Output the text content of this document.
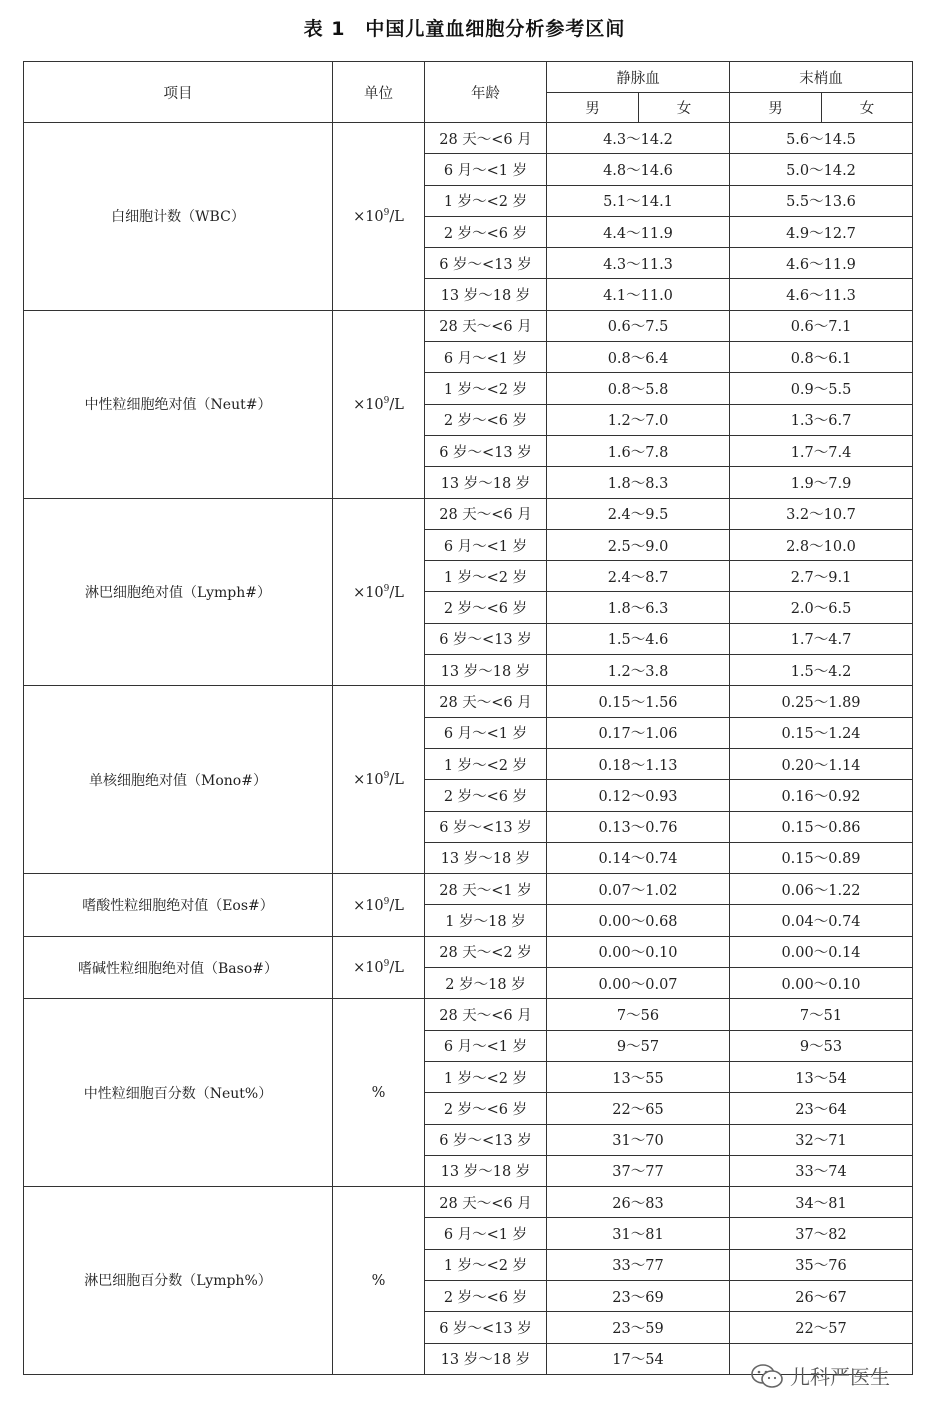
表 1　中国儿童血细胞分析参考区间
项目	单位	年龄	静脉血		末梢血	
			男	女	男	女
白细胞计数（WBC）	$\times 10^9/L$	28 天～<6 月	4.3～14.2		5.6～14.5	
		6 月～<1 岁	4.8～14.6		5.0～14.2	
		1 岁～<2 岁	5.1～14.1		5.5～13.6	
		2 岁～<6 岁	4.4～11.9		4.9～12.7	
		6 岁～<13 岁	4.3～11.3		4.6～11.9	
		13 岁～18 岁	4.1～11.0		4.6～11.3	
中性粒细胞绝对值（Neut#）	$\times 10^9/L$	28 天～<6 月	0.6～7.5		0.6～7.1	
		6 月～<1 岁	0.8～6.4		0.8～6.1	
		1 岁～<2 岁	0.8～5.8		0.9～5.5	
		2 岁～<6 岁	1.2～7.0		1.3～6.7	
		6 岁～<13 岁	1.6～7.8		1.7～7.4	
		13 岁～18 岁	1.8～8.3		1.9～7.9	
淋巴细胞绝对值（Lymph#）	$\times 10^9/L$	28 天～<6 月	2.4～9.5		3.2～10.7	
		6 月～<1 岁	2.5～9.0		2.8～10.0	
		1 岁～<2 岁	2.4～8.7		2.7～9.1	
		2 岁～<6 岁	1.8～6.3		2.0～6.5	
		6 岁～<13 岁	1.5～4.6		1.7～4.7	
		13 岁～18 岁	1.2～3.8		1.5～4.2	
单核细胞绝对值（Mono#）	$\times 10^9/L$	28 天～<6 月	0.15～1.56		0.25～1.89	
		6 月～<1 岁	0.17～1.06		0.15～1.24	
		1 岁～<2 岁	0.18～1.13		0.20～1.14	
		2 岁～<6 岁	0.12～0.93		0.16～0.92	
		6 岁～<13 岁	0.13～0.76		0.15～0.86	
		13 岁～18 岁	0.14～0.74		0.15～0.89	
嗜酸性粒细胞绝对值（Eos#）	$\times 10^9/L$	28 天～<1 岁	0.07～1.02		0.06～1.22	
		1 岁～18 岁	0.00～0.68		0.04～0.74	
嗜碱性粒细胞绝对值（Baso#）	$\times 10^9/L$	28 天～<2 岁	0.00～0.10		0.00～0.14	
		2 岁～18 岁	0.00～0.07		0.00～0.10	
中性粒细胞百分数（Neut%）	%	28 天～<6 月	7～56		7～51	
		6 月～<1 岁	9～57		9～53	
		1 岁～<2 岁	13～55		13～54	
		2 岁～<6 岁	22～65		23～64	
		6 岁～<13 岁	31～70		32～71	
		13 岁～18 岁	37～77		33～74	
淋巴细胞百分数（Lymph%）	%	28 天～<6 月	26～83		34～81	
		6 月～<1 岁	31～81		37～82	
		1 岁～<2 岁	33～77		35～76	
		2 岁～<6 岁	23～69		26～67	
		6 岁～<13 岁	23～59		22～57	
		13 岁～18 岁	17～54			
儿科严医生
